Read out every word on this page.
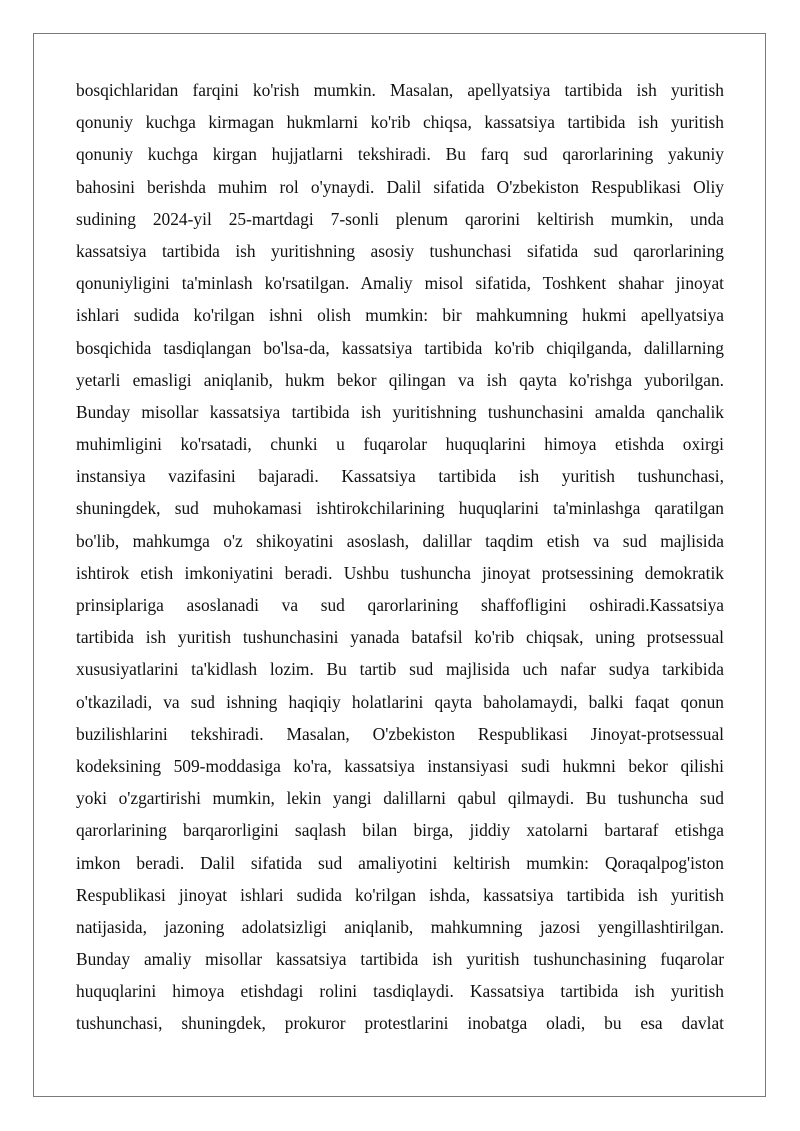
bosqichlaridan farqini ko'rish mumkin. Masalan, apellyatsiya tartibida ish yuritish
qonuniy kuchga kirmagan hukmlarni ko'rib chiqsa, kassatsiya tartibida ish yuritish
qonuniy kuchga kirgan hujjatlarni tekshiradi. Bu farq sud qarorlarining yakuniy
bahosini berishda muhim rol o'ynaydi. Dalil sifatida O'zbekiston Respublikasi Oliy
sudining 2024-yil 25-martdagi 7-sonli plenum qarorini keltirish mumkin, unda
kassatsiya tartibida ish yuritishning asosiy tushunchasi sifatida sud qarorlarining
qonuniyligini ta'minlash ko'rsatilgan. Amaliy misol sifatida, Toshkent shahar jinoyat
ishlari sudida ko'rilgan ishni olish mumkin: bir mahkumning hukmi apellyatsiya
bosqichida tasdiqlangan bo'lsa-da, kassatsiya tartibida ko'rib chiqilganda, dalillarning
yetarli emasligi aniqlanib, hukm bekor qilingan va ish qayta ko'rishga yuborilgan.
Bunday misollar kassatsiya tartibida ish yuritishning tushunchasini amalda qanchalik
muhimligini ko'rsatadi, chunki u fuqarolar huquqlarini himoya etishda oxirgi
instansiya vazifasini bajaradi. Kassatsiya tartibida ish yuritish tushunchasi,
shuningdek, sud muhokamasi ishtirokchilarining huquqlarini ta'minlashga qaratilgan
bo'lib, mahkumga o'z shikoyatini asoslash, dalillar taqdim etish va sud majlisida
ishtirok etish imkoniyatini beradi. Ushbu tushuncha jinoyat protsessining demokratik
prinsiplariga asoslanadi va sud qarorlarining shaffofligini oshiradi.Kassatsiya
tartibida ish yuritish tushunchasini yanada batafsil ko'rib chiqsak, uning protsessual
xususiyatlarini ta'kidlash lozim. Bu tartib sud majlisida uch nafar sudya tarkibida
o'tkaziladi, va sud ishning haqiqiy holatlarini qayta baholamaydi, balki faqat qonun
buzilishlarini tekshiradi. Masalan, O'zbekiston Respublikasi Jinoyat-protsessual
kodeksining 509-moddasiga ko'ra, kassatsiya instansiyasi sudi hukmni bekor qilishi
yoki o'zgartirishi mumkin, lekin yangi dalillarni qabul qilmaydi. Bu tushuncha sud
qarorlarining barqarorligini saqlash bilan birga, jiddiy xatolarni bartaraf etishga
imkon beradi. Dalil sifatida sud amaliyotini keltirish mumkin: Qoraqalpog'iston
Respublikasi jinoyat ishlari sudida ko'rilgan ishda, kassatsiya tartibida ish yuritish
natijasida, jazoning adolatsizligi aniqlanib, mahkumning jazosi yengillashtirilgan.
Bunday amaliy misollar kassatsiya tartibida ish yuritish tushunchasining fuqarolar
huquqlarini himoya etishdagi rolini tasdiqlaydi. Kassatsiya tartibida ish yuritish
tushunchasi, shuningdek, prokuror protestlarini inobatga oladi, bu esa davlat
